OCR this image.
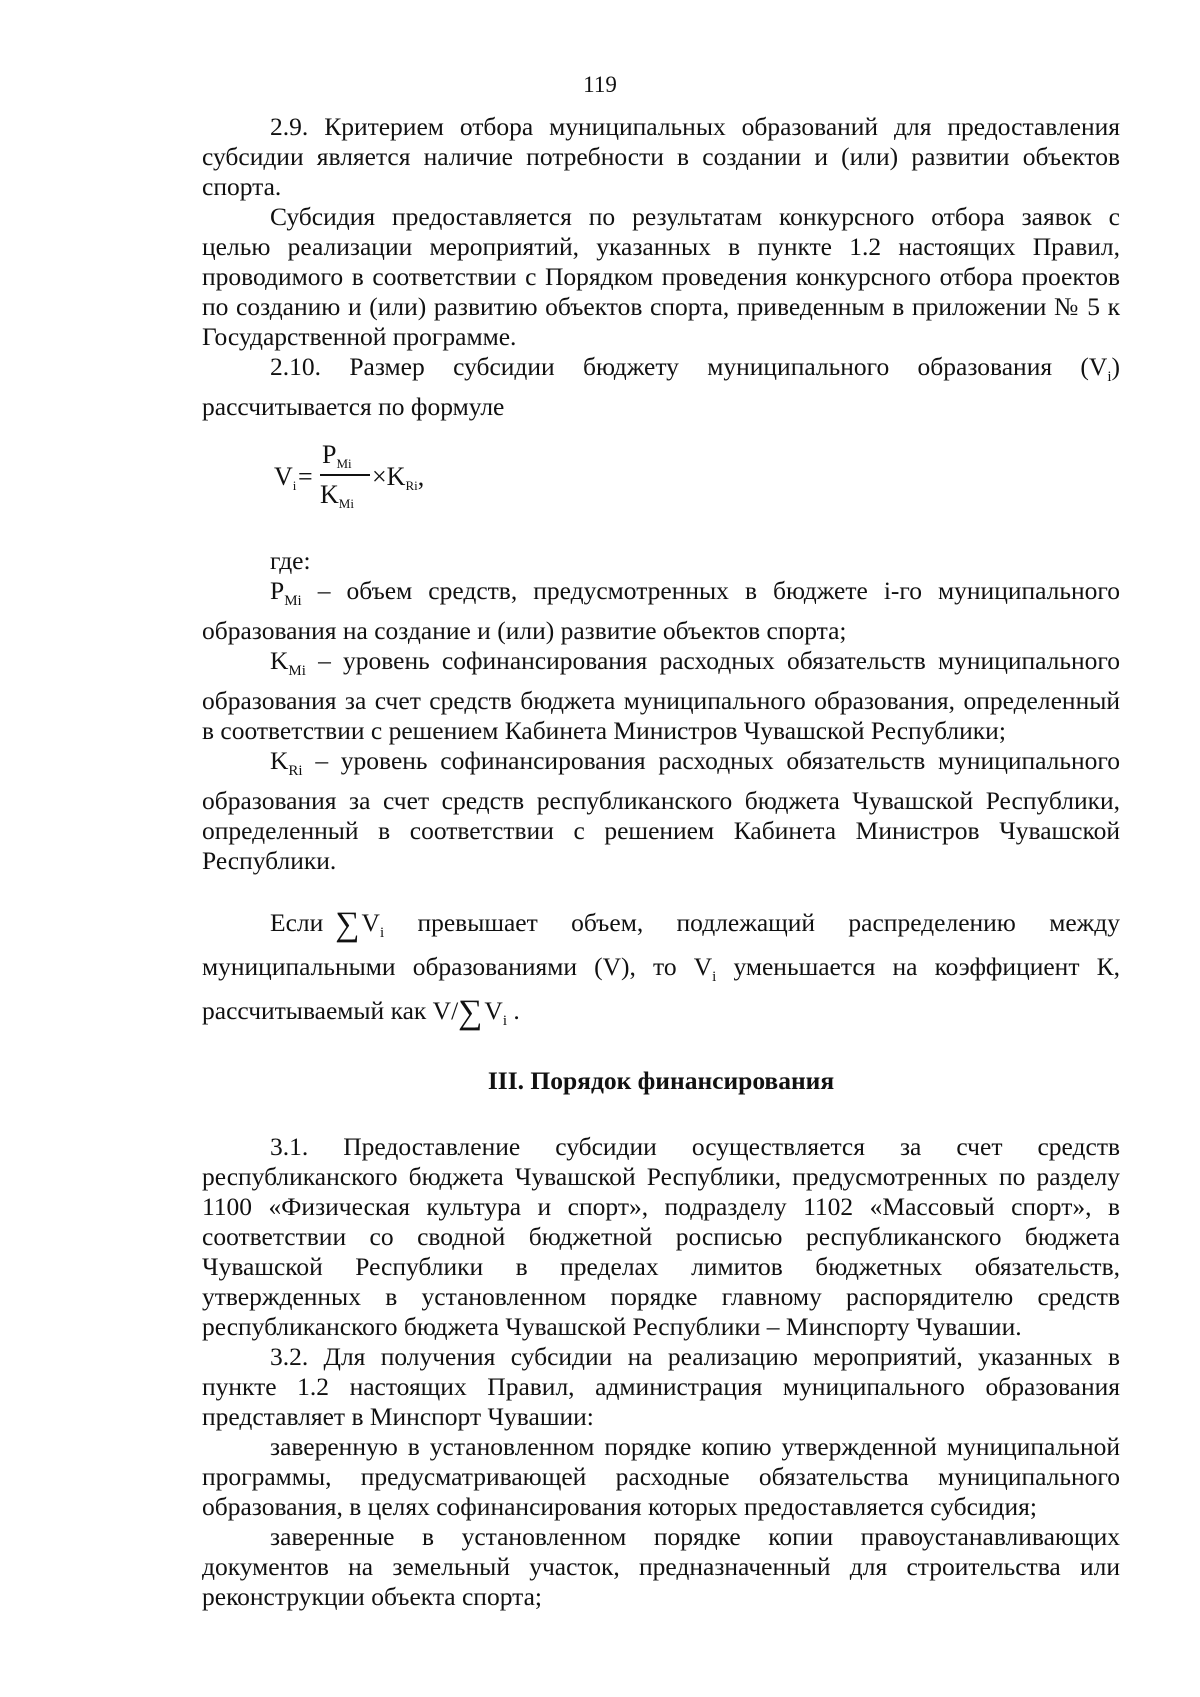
119

2.9. Критерием отбора муниципальных образований для предоставления субсидии является наличие потребности в создании и (или) развитии объектов спорта.

Субсидия предоставляется по результатам конкурсного отбора заявок с целью реализации мероприятий, указанных в пункте 1.2 настоящих Правил, проводимого в соответствии с Порядком проведения конкурсного отбора проектов по созданию и (или) развитию объектов спорта, приведенным в приложении № 5 к Государственной программе.

2.10. Размер субсидии бюджету муниципального образования $(V_i)$ рассчитывается по формуле

Vi =
PMi
KMi
×KRi,

где:

$P_{Mi}$ – объем средств, предусмотренных в бюджете i-го муниципального образования на создание и (или) развитие объектов спорта;

$K_{Mi}$ – уровень софинансирования расходных обязательств муниципального образования за счет средств бюджета муниципального образования, определенный в соответствии с решением Кабинета Министров Чувашской Республики;

$K_{Ri}$ – уровень софинансирования расходных обязательств муниципального образования за счет средств республиканского бюджета Чувашской Республики, определенный в соответствии с решением Кабинета Министров Чувашской Республики.

Если $\sum V_i$ превышает объем, подлежащий распределению между муниципальными образованиями (V), то $V_i$ уменьшается на коэффициент К, рассчитываемый как $V/\sum V_i$ .

III. Порядок финансирования

3.1. Предоставление субсидии осуществляется за счет средств республиканского бюджета Чувашской Республики, предусмотренных по разделу 1100 «Физическая культура и спорт», подразделу 1102 «Массовый спорт», в соответствии со сводной бюджетной росписью республиканского бюджета Чувашской Республики в пределах лимитов бюджетных обязательств, утвержденных в установленном порядке главному распорядителю средств республиканского бюджета Чувашской Республики – Минспорту Чувашии.

3.2. Для получения субсидии на реализацию мероприятий, указанных в пункте 1.2 настоящих Правил, администрация муниципального образования представляет в Минспорт Чувашии:

заверенную в установленном порядке копию утвержденной муниципальной программы, предусматривающей расходные обязательства муниципального образования, в целях софинансирования которых предоставляется субсидия;

заверенные в установленном порядке копии правоустанавливающих документов на земельный участок, предназначенный для строительства или реконструкции объекта спорта;
